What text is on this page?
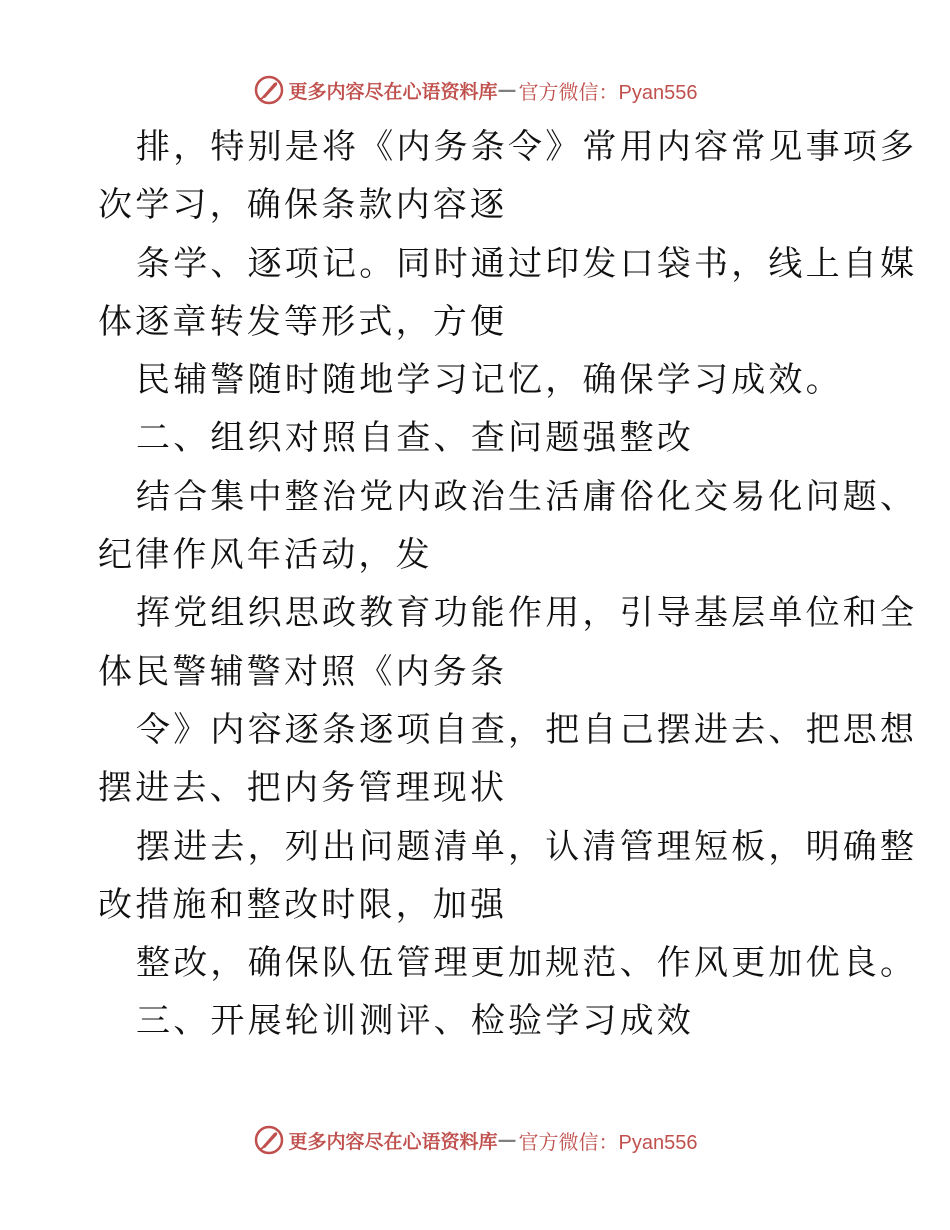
更多内容尽在心语资料库 — 官方微信：Pyan556
排，特别是将《内务条令》常用内容常见事项多
次学习，确保条款内容逐
条学、逐项记。同时通过印发口袋书，线上自媒
体逐章转发等形式，方便
民辅警随时随地学习记忆，确保学习成效。
二、组织对照自查、查问题强整改
结合集中整治党内政治生活庸俗化交易化问题、
纪律作风年活动，发
挥党组织思政教育功能作用，引导基层单位和全
体民警辅警对照《内务条
令》内容逐条逐项自查，把自己摆进去、把思想
摆进去、把内务管理现状
摆进去，列出问题清单，认清管理短板，明确整
改措施和整改时限，加强
整改，确保队伍管理更加规范、作风更加优良。
三、开展轮训测评、检验学习成效
更多内容尽在心语资料库 — 官方微信：Pyan556
